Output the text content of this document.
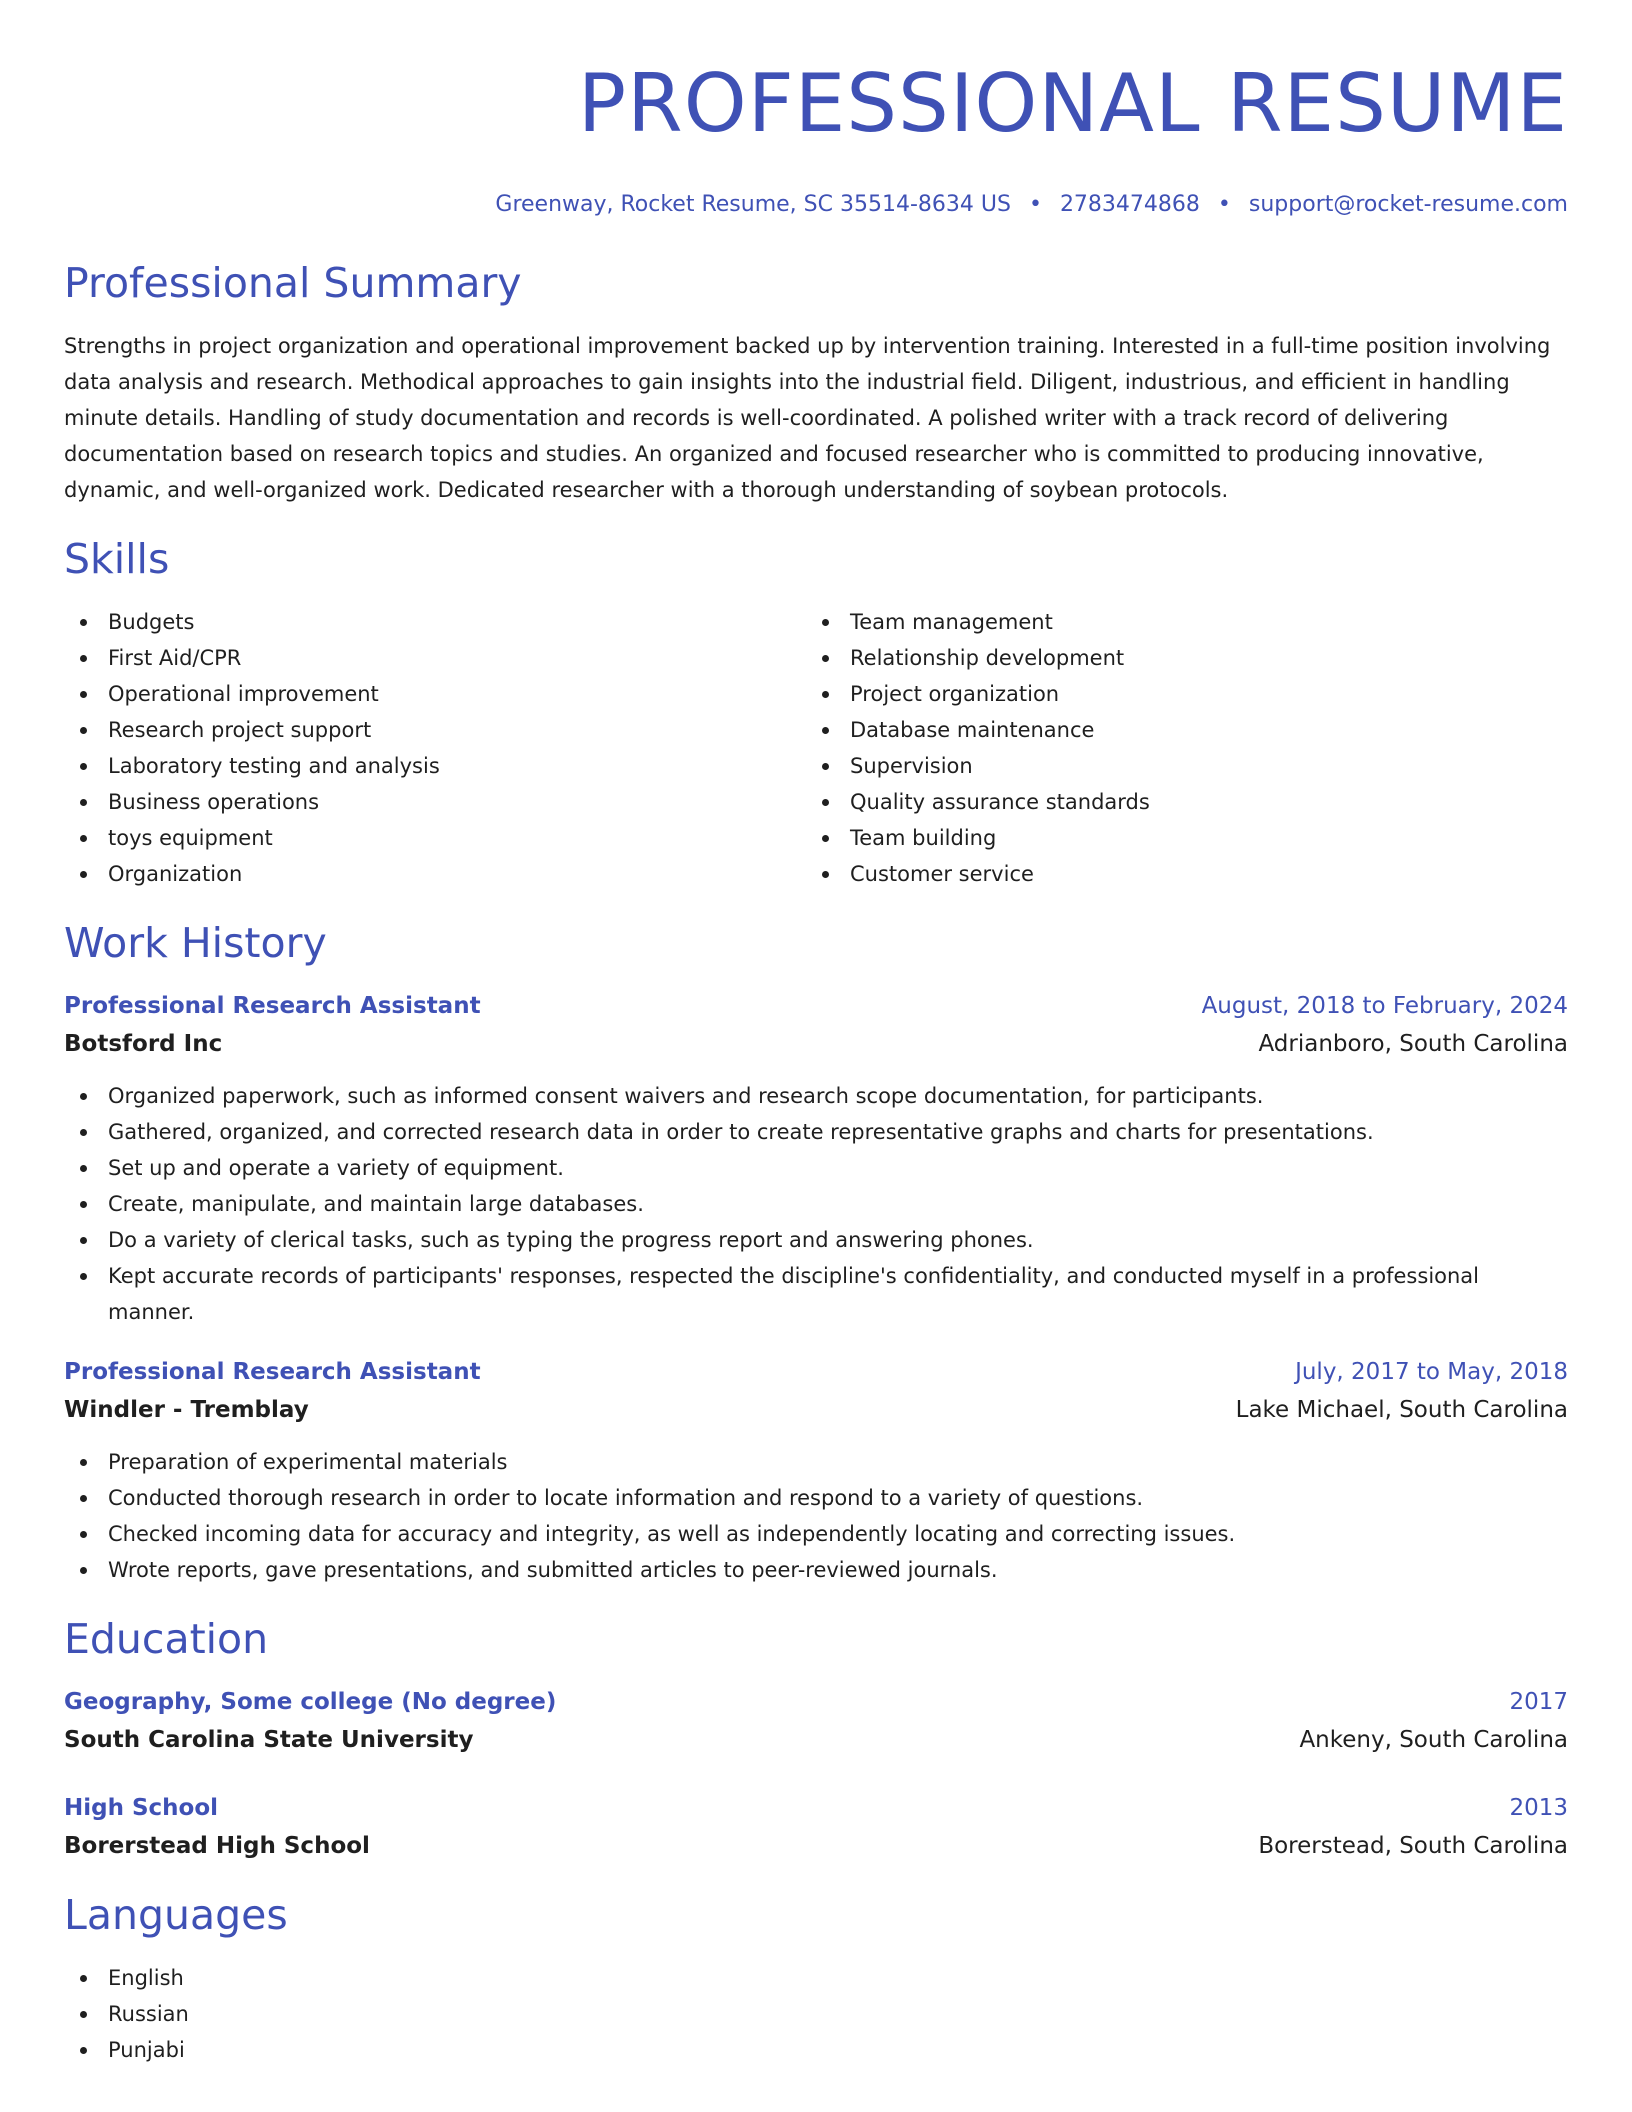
PROFESSIONAL RESUME
Greenway, Rocket Resume, SC 35514-8634 US • 2783474868 • support@rocket-resume.com
Professional Summary

Strengths in project organization and operational improvement backed up by intervention training. Interested in a full-time position involving data analysis and research. Methodical approaches to gain insights into the industrial field. Diligent, industrious, and efficient in handling minute details. Handling of study documentation and records is well-coordinated. A polished writer with a track record of delivering documentation based on research topics and studies. An organized and focused researcher who is committed to producing innovative, dynamic, and well-organized work. Dedicated researcher with a thorough understanding of soybean protocols.

Skills
Budgets
First Aid/CPR
Operational improvement
Research project support
Laboratory testing and analysis
Business operations
toys equipment
Organization
Team management
Relationship development
Project organization
Database maintenance
Supervision
Quality assurance standards
Team building
Customer service
Work History
Professional Research Assistant	August, 2018 to February, 2024
Botsford Inc	Adrianboro, South Carolina
Organized paperwork, such as informed consent waivers and research scope documentation, for participants.
Gathered, organized, and corrected research data in order to create representative graphs and charts for presentations.
Set up and operate a variety of equipment.
Create, manipulate, and maintain large databases.
Do a variety of clerical tasks, such as typing the progress report and answering phones.
Kept accurate records of participants' responses, respected the discipline's confidentiality, and conducted myself in a professional manner.
Professional Research Assistant	July, 2017 to May, 2018
Windler - Tremblay	Lake Michael, South Carolina
Preparation of experimental materials
Conducted thorough research in order to locate information and respond to a variety of questions.
Checked incoming data for accuracy and integrity, as well as independently locating and correcting issues.
Wrote reports, gave presentations, and submitted articles to peer-reviewed journals.
Education
Geography, Some college (No degree)	2017
South Carolina State University	Ankeny, South Carolina
High School	2013
Borerstead High School	Borerstead, South Carolina
Languages
English
Russian
Punjabi
